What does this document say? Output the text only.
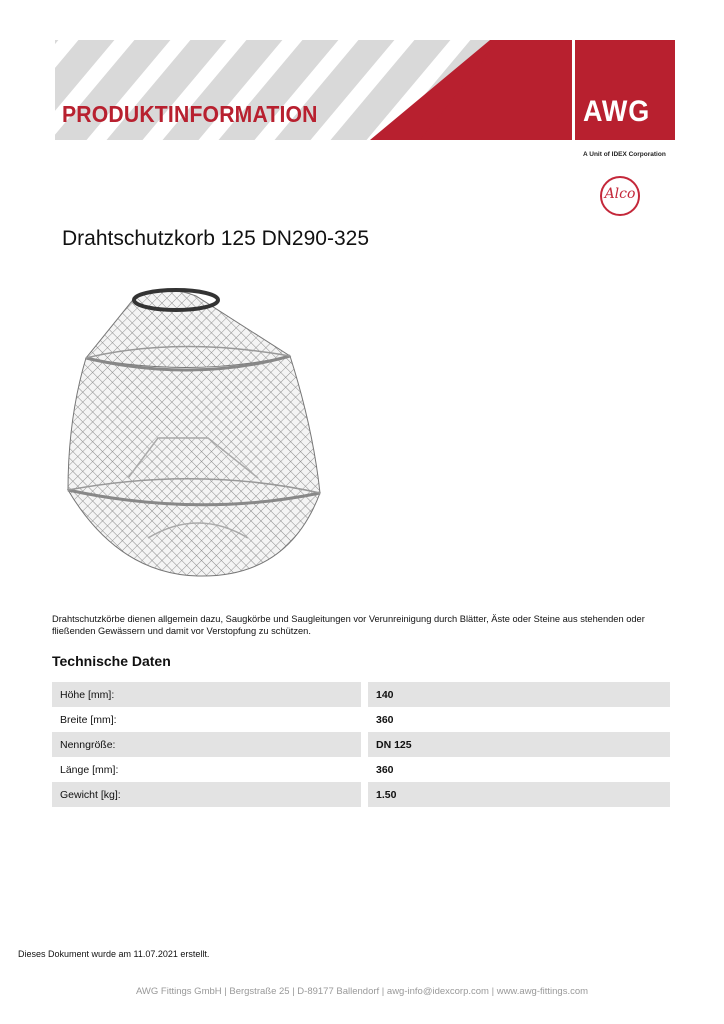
PRODUKTINFORMATION	AWG
A Unit of IDEX Corporation
Alco
Drahtschutzkorb 125 DN290-325
Drahtschutzkörbe dienen allgemein dazu, Saugkörbe und Saugleitungen vor Verunreinigung durch Blätter, Äste oder Steine aus stehenden oder fließenden Gewässern und damit vor Verstopfung zu schützen.
Technische Daten
Höhe [mm]:		140
Breite [mm]:		360
Nenngröße:		DN 125
Länge [mm]:		360
Gewicht [kg]:		1.50
Dieses Dokument wurde am 11.07.2021 erstellt.
AWG Fittings GmbH | Bergstraße 25 | D-89177 Ballendorf | awg-info@idexcorp.com | www.awg-fittings.com
